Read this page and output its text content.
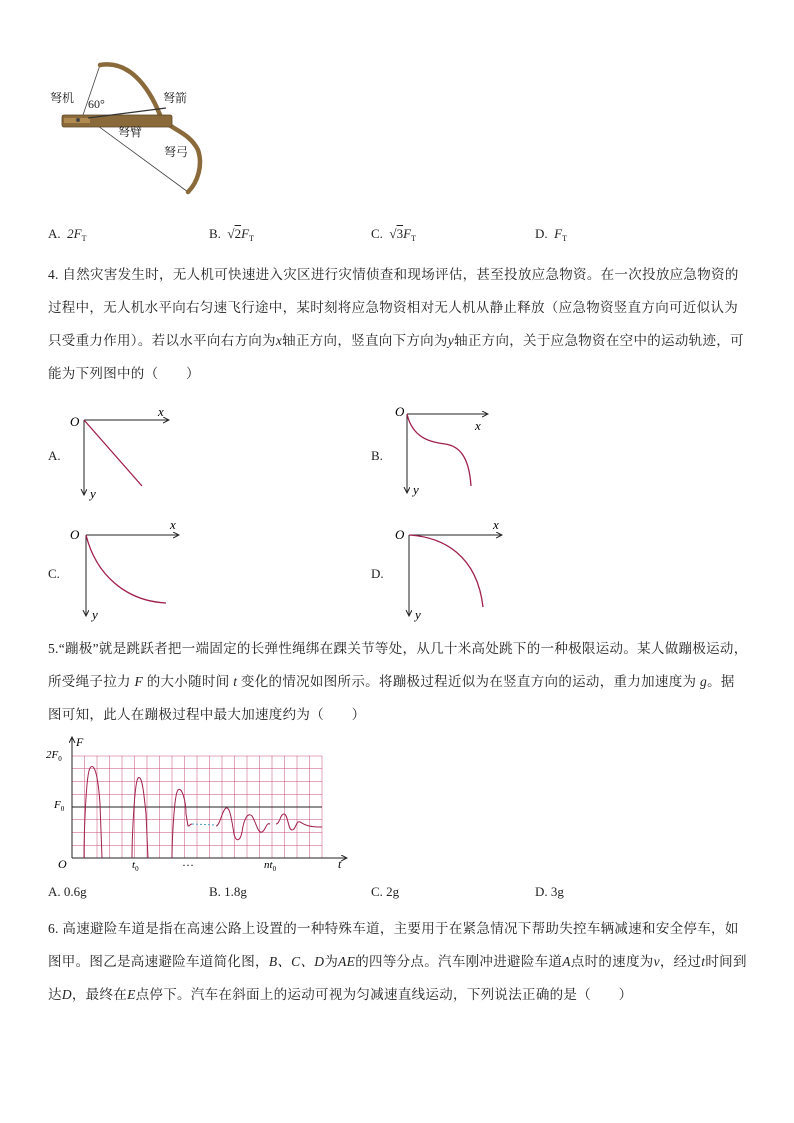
弩机 60°	弩箭
弩臂
弩弓
A. $2F_T$	B. $√2F_T$	C. $√3F_T$	D. $F_T$
4. 自然灾害发生时，无人机可快速进入灾区进行灾情侦查和现场评估，甚至投放应急物资。在一次投放应急物资的过程中，无人机水平向右匀速飞行途中，某时刻将应急物资相对无人机从静止释放（应急物资竖直方向可近似认为只受重力作用）。若以水平向右方向为x轴正方向，竖直向下方向为y轴正方向，关于应急物资在空中的运动轨迹，可能为下列图中的（　　）
A.
O
x
y
B.
O
x
y
C.
O
x
y
D.
O
x
y
5.“蹦极”就是跳跃者把一端固定的长弹性绳绑在踝关节等处，从几十米高处跳下的一种极限运动。某人做蹦极运动，所受绳子拉力 F 的大小随时间 t 变化的情况如图所示。将蹦极过程近似为在竖直方向的运动，重力加速度为 g。据图可知，此人在蹦极过程中最大加速度约为（　　）
F
$2F_0$
$F_0$
O	$t_0$	…	$nt_0$	t
A. 0.6g	B. 1.8g	C. 2g	D. 3g
6. 高速避险车道是指在高速公路上设置的一种特殊车道，主要用于在紧急情况下帮助失控车辆减速和安全停车，如图甲。图乙是高速避险车道简化图，B、C、D为AE的四等分点。汽车刚冲进避险车道A点时的速度为v，经过t时间到达D，最终在E点停下。汽车在斜面上的运动可视为匀减速直线运动，下列说法正确的是（　　）
